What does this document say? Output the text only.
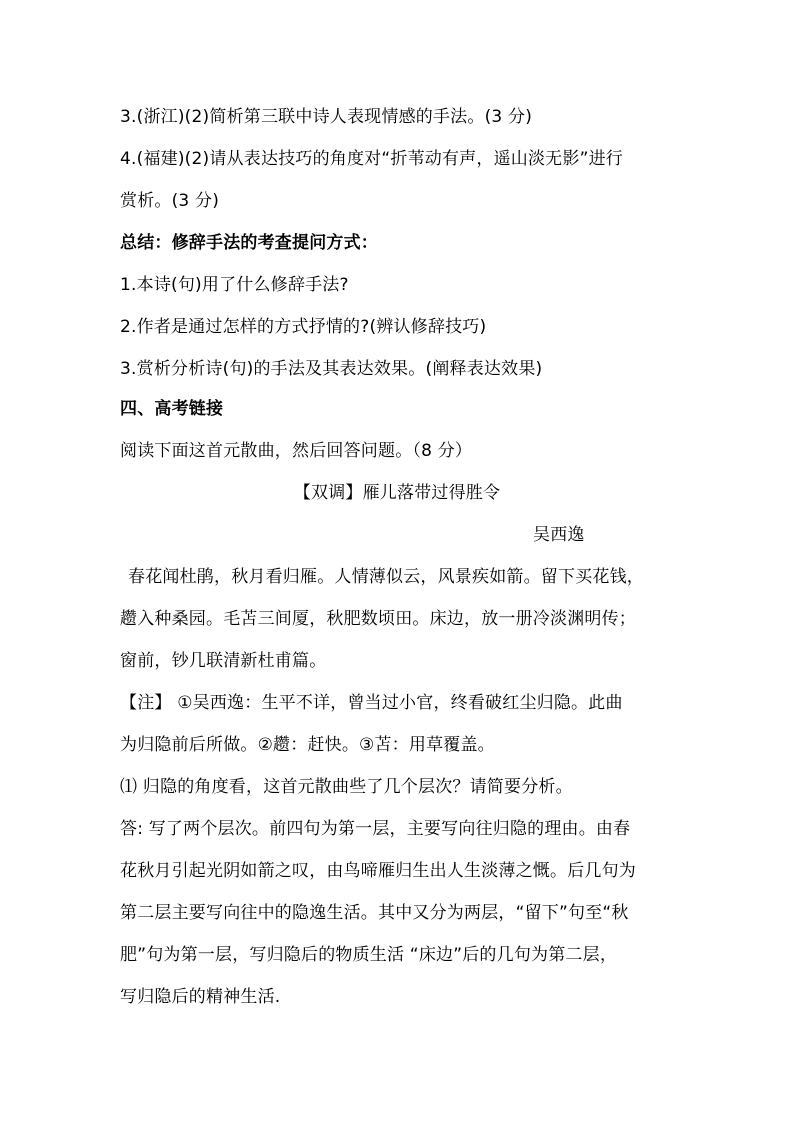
3.(浙江)(2)简析第三联中诗人表现情感的手法。(3 分)
4.(福建)(2)请从表达技巧的角度对“折苇动有声，遥山淡无影”进行
赏析。(3 分)
总结：修辞手法的考查提问方式：
1.本诗(句)用了什么修辞手法?
2.作者是通过怎样的方式抒情的?(辨认修辞技巧)
3.赏析分析诗(句)的手法及其表达效果。(阐释表达效果)
四、高考链接
阅读下面这首元散曲，然后回答问题。（8 分）
【双调】雁儿落带过得胜令
吴西逸
春花闻杜鹃，秋月看归雁。人情薄似云，风景疾如箭。留下买花钱，
趱入种桑园。毛苫三间厦，秋肥数顷田。床边，放一册冷淡渊明传；
窗前，钞几联清新杜甫篇。
【注】 ①吴西逸：生平不详，曾当过小官，终看破红尘归隐。此曲
为归隐前后所做。②趱：赶快。③苫：用草覆盖。
⑴ 归隐的角度看，这首元散曲些了几个层次？请简要分析。
答: 写了两个层次。前四句为第一层，主要写向往归隐的理由。由春
花秋月引起光阴如箭之叹，由鸟啼雁归生出人生淡薄之慨。后几句为
第二层主要写向往中的隐逸生活。其中又分为两层，“留下”句至“秋
肥”句为第一层，写归隐后的物质生活 “床边”后的几句为第二层，
写归隐后的精神生活.
